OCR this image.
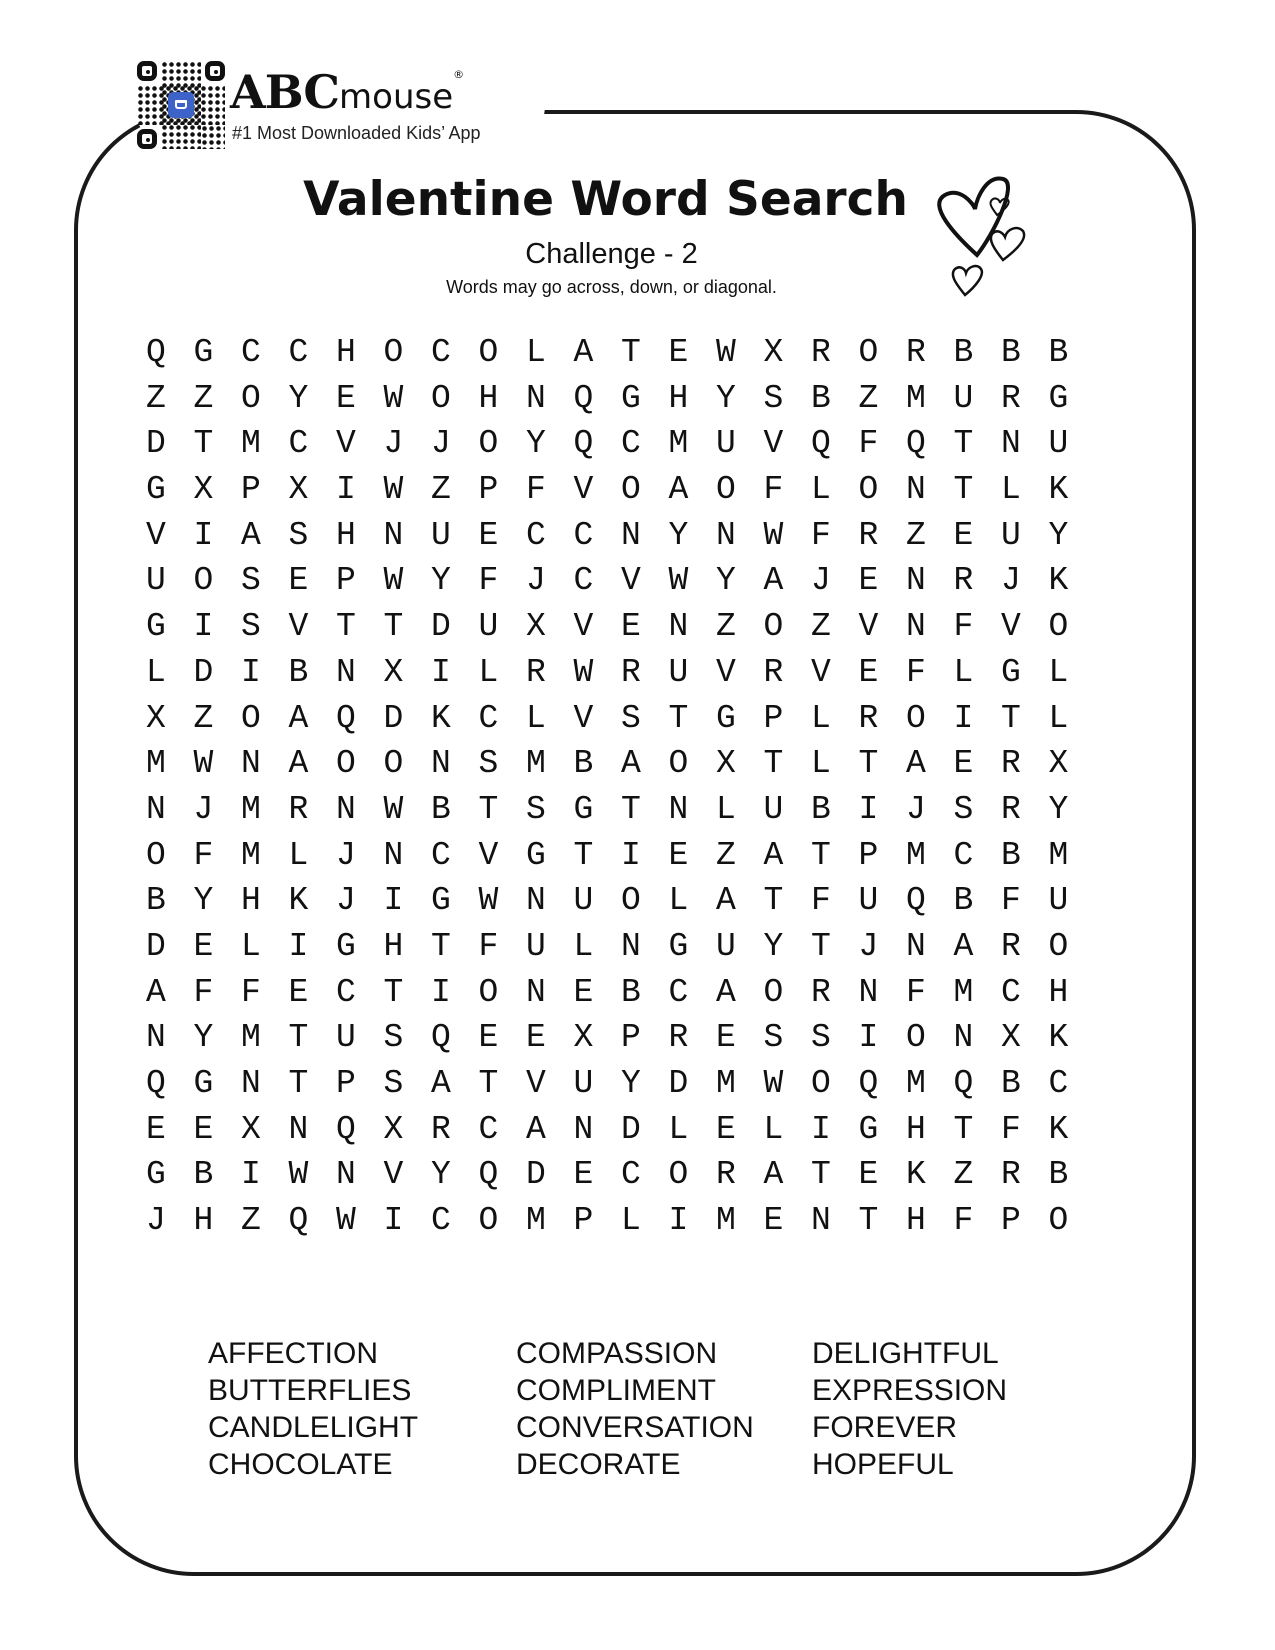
ABCmouse®
#1 Most Downloaded Kids’ App
Valentine Word Search
Challenge - 2
Words may go across, down, or diagonal.
Q G C C H O C O L A T E W X R O R B B B
Z Z O Y E W O H N Q G H Y S B Z M U R G
D T M C V J J O Y Q C M U V Q F Q T N U
G X P X I W Z P F V O A O F L O N T L K
V I A S H N U E C C N Y N W F R Z E U Y
U O S E P W Y F J C V W Y A J E N R J K
G I S V T T D U X V E N Z O Z V N F V O
L D I B N X I L R W R U V R V E F L G L
X Z O A Q D K C L V S T G P L R O I T L
M W N A O O N S M B A O X T L T A E R X
N J M R N W B T S G T N L U B I J S R Y
O F M L J N C V G T I E Z A T P M C B M
B Y H K J I G W N U O L A T F U Q B F U
D E L I G H T F U L N G U Y T J N A R O
A F F E C T I O N E B C A O R N F M C H
N Y M T U S Q E E X P R E S S I O N X K
Q G N T P S A T V U Y D M W O Q M Q B C
E E X N Q X R C A N D L E L I G H T F K
G B I W N V Y Q D E C O R A T E K Z R B
J H Z Q W I C O M P L I M E N T H F P O
AFFECTION
BUTTERFLIES
CANDLELIGHT
CHOCOLATE
COMPASSION
COMPLIMENT
CONVERSATION
DECORATE
DELIGHTFUL
EXPRESSION
FOREVER
HOPEFUL
